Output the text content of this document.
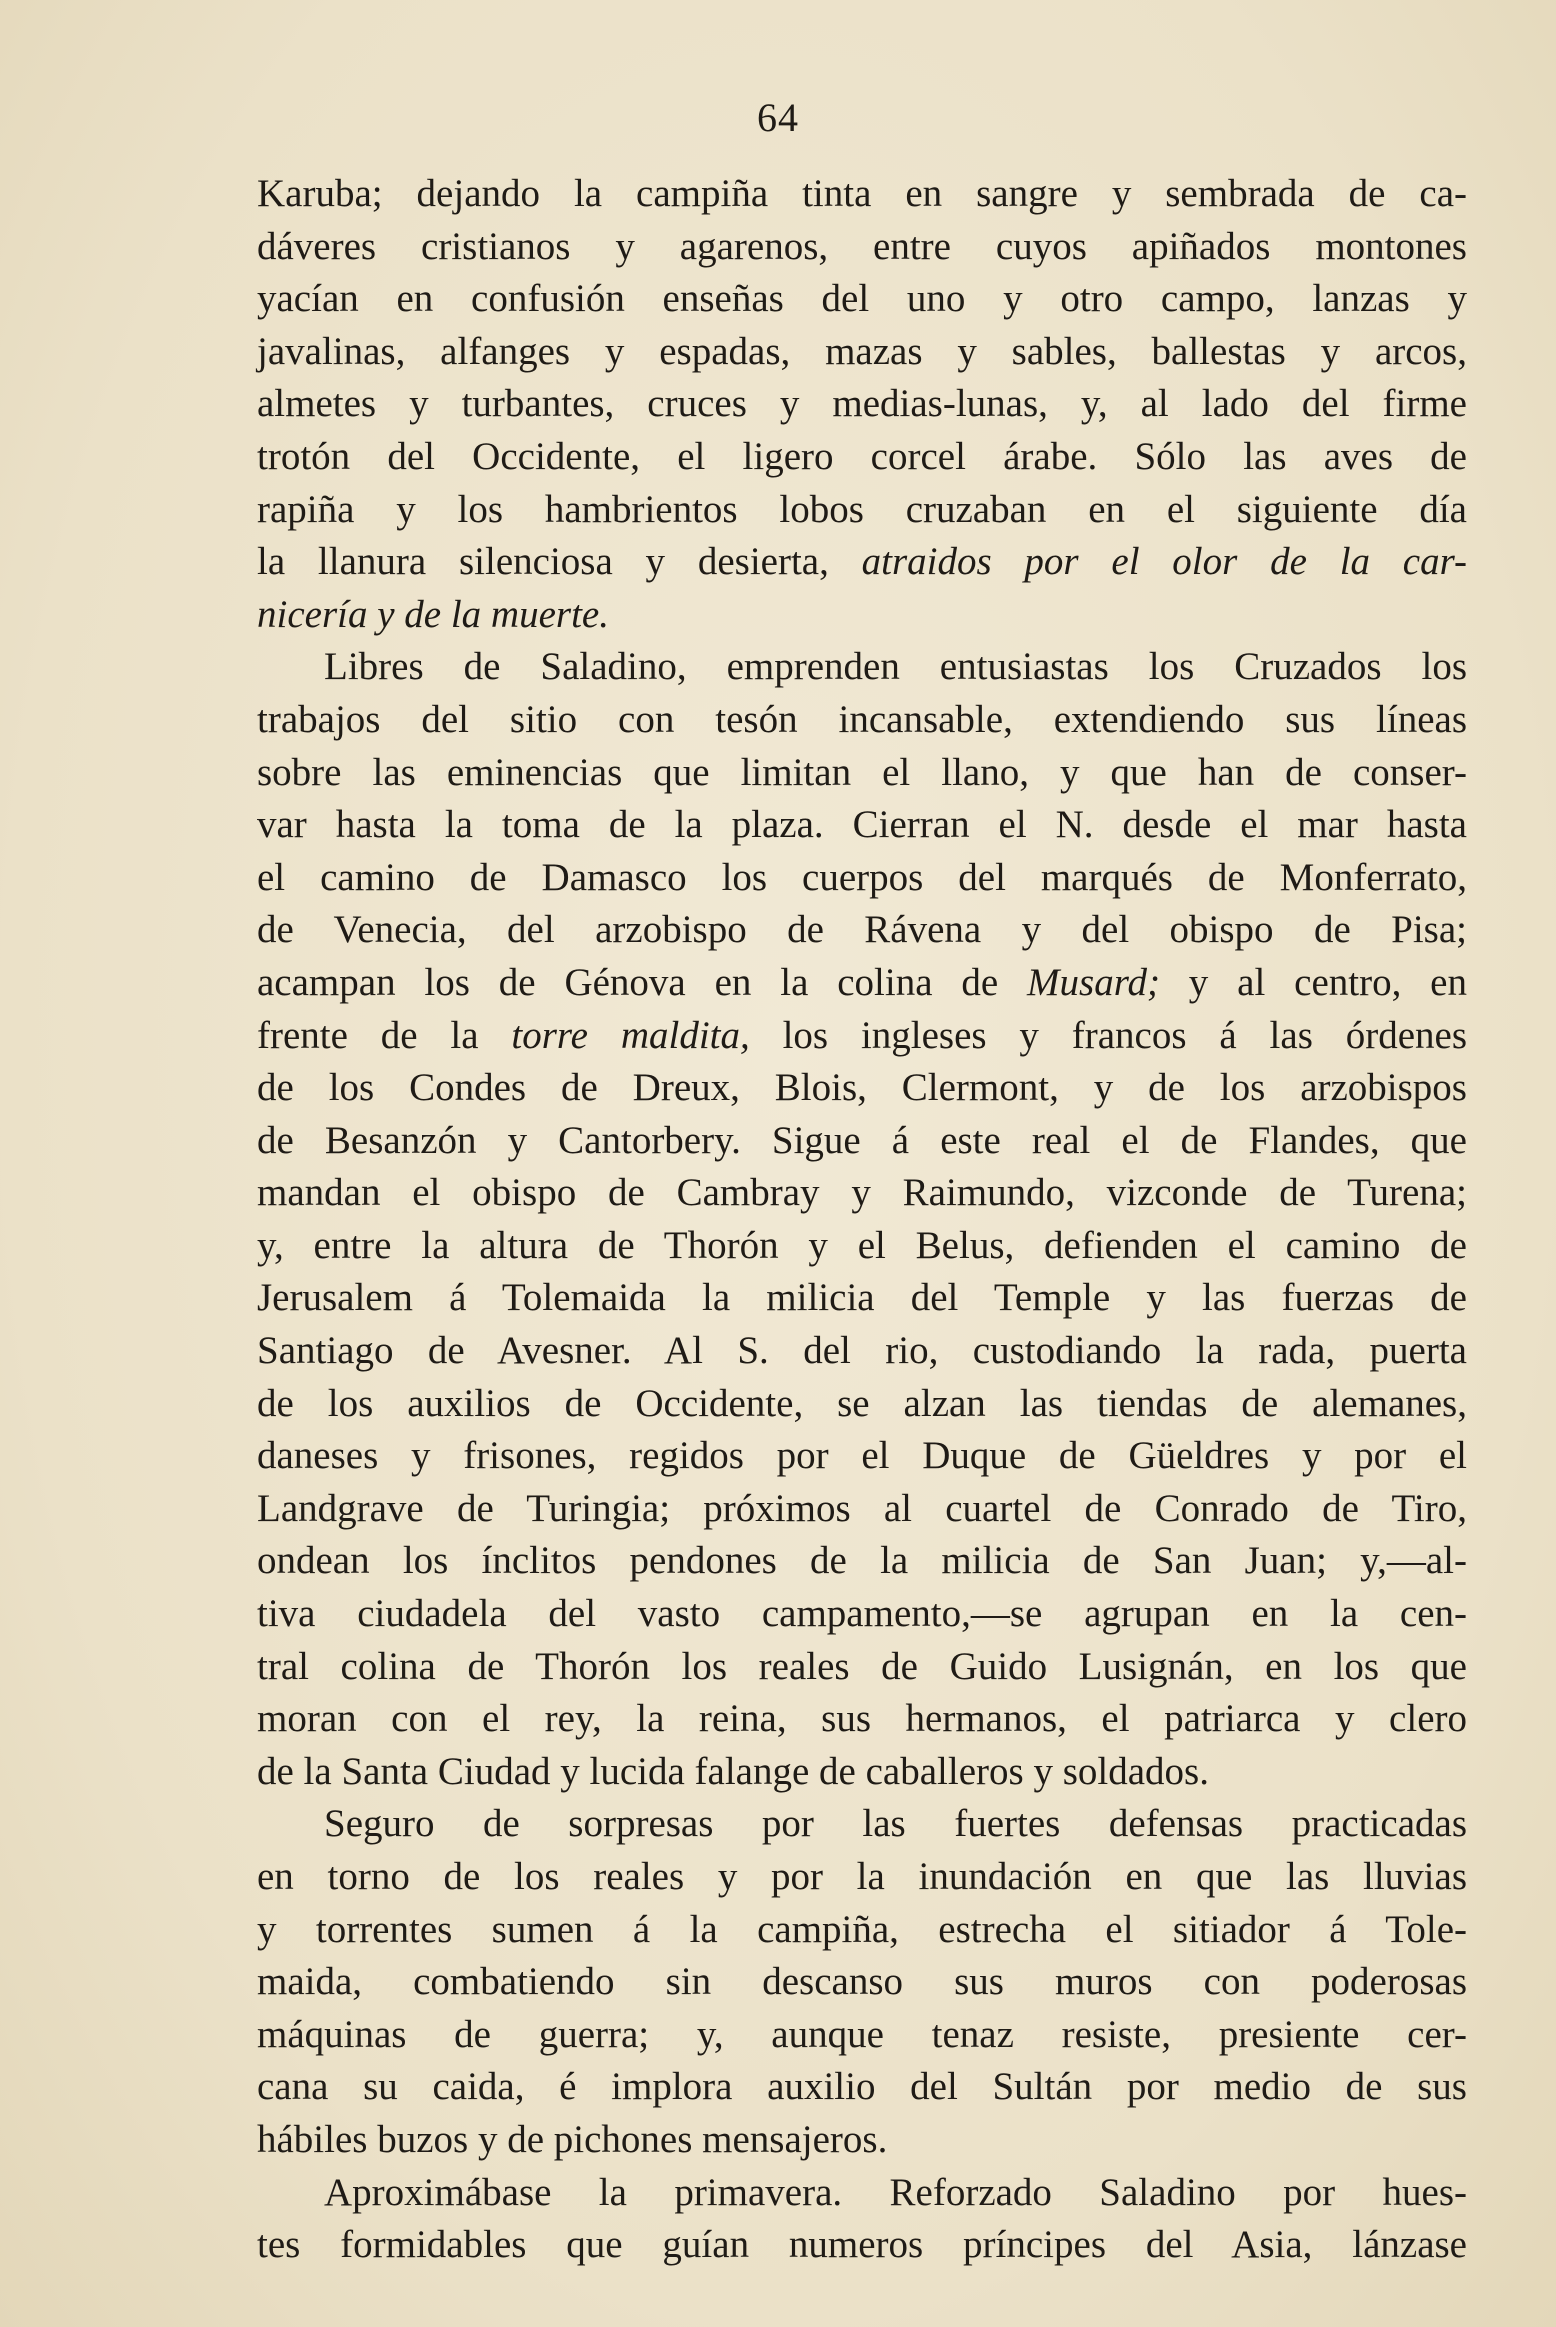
64
Karuba; dejando la campiña tinta en sangre y sembrada de ca-
dáveres cristianos y agarenos, entre cuyos apiñados montones
yacían en confusión enseñas del uno y otro campo, lanzas y
javalinas, alfanges y espadas, mazas y sables, ballestas y arcos,
almetes y turbantes, cruces y medias-lunas, y, al lado del firme
trotón del Occidente, el ligero corcel árabe. Sólo las aves de
rapiña y los hambrientos lobos cruzaban en el siguiente día
la llanura silenciosa y desierta, atraidos por el olor de la car-
nicería y de la muerte.
Libres de Saladino, emprenden entusiastas los Cruzados los
trabajos del sitio con tesón incansable, extendiendo sus líneas
sobre las eminencias que limitan el llano, y que han de conser-
var hasta la toma de la plaza. Cierran el N. desde el mar hasta
el camino de Damasco los cuerpos del marqués de Monferrato,
de Venecia, del arzobispo de Rávena y del obispo de Pisa;
acampan los de Génova en la colina de Musard; y al centro, en
frente de la torre maldita, los ingleses y francos á las órdenes
de los Condes de Dreux, Blois, Clermont, y de los arzobispos
de Besanzón y Cantorbery. Sigue á este real el de Flandes, que
mandan el obispo de Cambray y Raimundo, vizconde de Turena;
y, entre la altura de Thorón y el Belus, defienden el camino de
Jerusalem á Tolemaida la milicia del Temple y las fuerzas de
Santiago de Avesner. Al S. del rio, custodiando la rada, puerta
de los auxilios de Occidente, se alzan las tiendas de alemanes,
daneses y frisones, regidos por el Duque de Güeldres y por el
Landgrave de Turingia; próximos al cuartel de Conrado de Tiro,
ondean los ínclitos pendones de la milicia de San Juan; y,—al-
tiva ciudadela del vasto campamento,—se agrupan en la cen-
tral colina de Thorón los reales de Guido Lusignán, en los que
moran con el rey, la reina, sus hermanos, el patriarca y clero
de la Santa Ciudad y lucida falange de caballeros y soldados.
Seguro de sorpresas por las fuertes defensas practicadas
en torno de los reales y por la inundación en que las lluvias
y torrentes sumen á la campiña, estrecha el sitiador á Tole-
maida, combatiendo sin descanso sus muros con poderosas
máquinas de guerra; y, aunque tenaz resiste, presiente cer-
cana su caida, é implora auxilio del Sultán por medio de sus
hábiles buzos y de pichones mensajeros.
Aproximábase la primavera. Reforzado Saladino por hues-
tes formidables que guían numeros príncipes del Asia, lánzase
